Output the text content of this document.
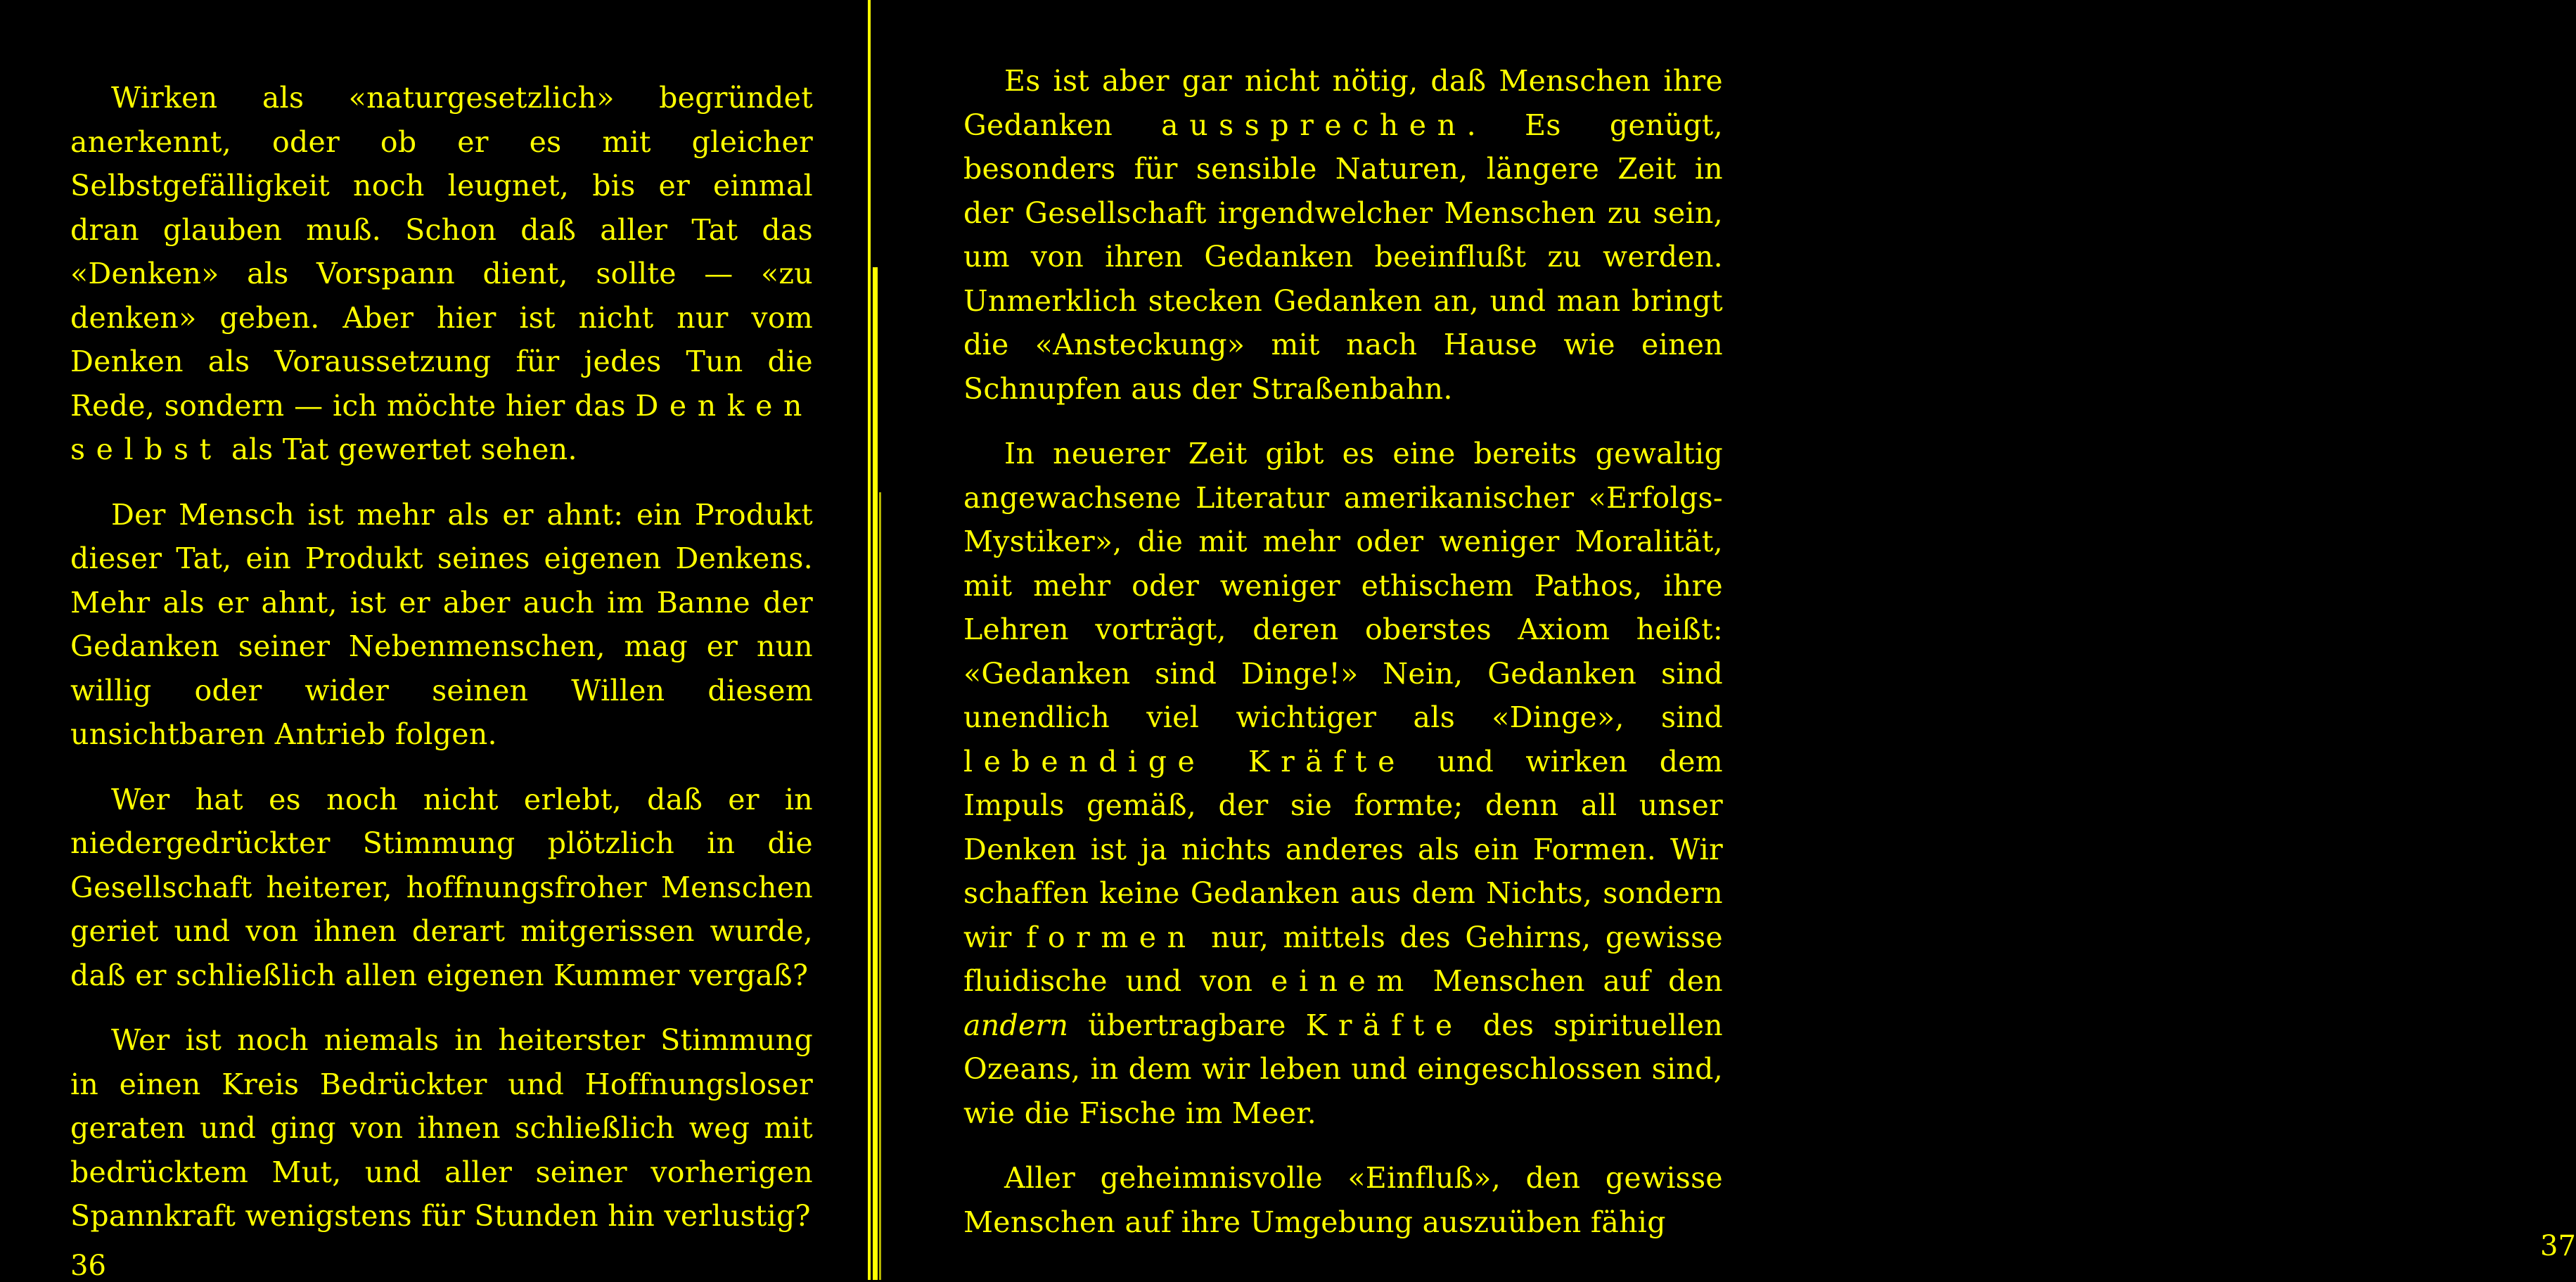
Wirken als «naturgesetzlich» begründet anerkennt, oder ob er es mit gleicher Selbstgefälligkeit noch leugnet, bis er einmal dran glauben muß. Schon daß aller Tat das «Denken» als Vorspann dient, sollte — «zu denken» geben. Aber hier ist nicht nur vom Denken als Voraussetzung für jedes Tun die Rede, sondern — ich möchte hier das Denken selbst als Tat gewertet sehen.

Der Mensch ist mehr als er ahnt: ein Produkt dieser Tat, ein Produkt seines eigenen Denkens. Mehr als er ahnt, ist er aber auch im Banne der Gedanken seiner Nebenmenschen, mag er nun willig oder wider seinen Willen diesem unsichtbaren Antrieb folgen.

Wer hat es noch nicht erlebt, daß er in niedergedrückter Stimmung plötzlich in die Gesellschaft heiterer, hoffnungsfroher Menschen geriet und von ihnen derart mitgerissen wurde, daß er schließlich allen eigenen Kummer vergaß?

Wer ist noch niemals in heiterster Stimmung in einen Kreis Bedrückter und Hoffnungsloser geraten und ging von ihnen schließlich weg mit bedrücktem Mut, und aller seiner vorherigen Spannkraft wenigstens für Stunden hin verlustig?

36

Es ist aber gar nicht nötig, daß Menschen ihre Gedanken aussprechen. Es genügt, besonders für sensible Naturen, längere Zeit in der Gesellschaft irgendwelcher Menschen zu sein, um von ihren Gedanken beeinflußt zu werden. Unmerklich stecken Gedanken an, und man bringt die «Ansteckung» mit nach Hause wie einen Schnupfen aus der Straßenbahn.

In neuerer Zeit gibt es eine bereits gewaltig angewachsene Literatur amerikanischer «Erfolgs-Mystiker», die mit mehr oder weniger Moralität, mit mehr oder weniger ethischem Pathos, ihre Lehren vorträgt, deren oberstes Axiom heißt: «Gedanken sind Dinge!» Nein, Gedanken sind unendlich viel wichtiger als «Dinge», sind lebendige Kräfte und wirken dem Impuls gemäß, der sie formte; denn all unser Denken ist ja nichts anderes als ein Formen. Wir schaffen keine Gedanken aus dem Nichts, sondern wir formen nur, mittels des Gehirns, gewisse fluidische und von einem Menschen auf den andern übertragbare Kräfte des spirituellen Ozeans, in dem wir leben und eingeschlossen sind, wie die Fische im Meer.

Aller geheimnisvolle «Einfluß», den gewisse Menschen auf ihre Umgebung auszuüben fähig

37
